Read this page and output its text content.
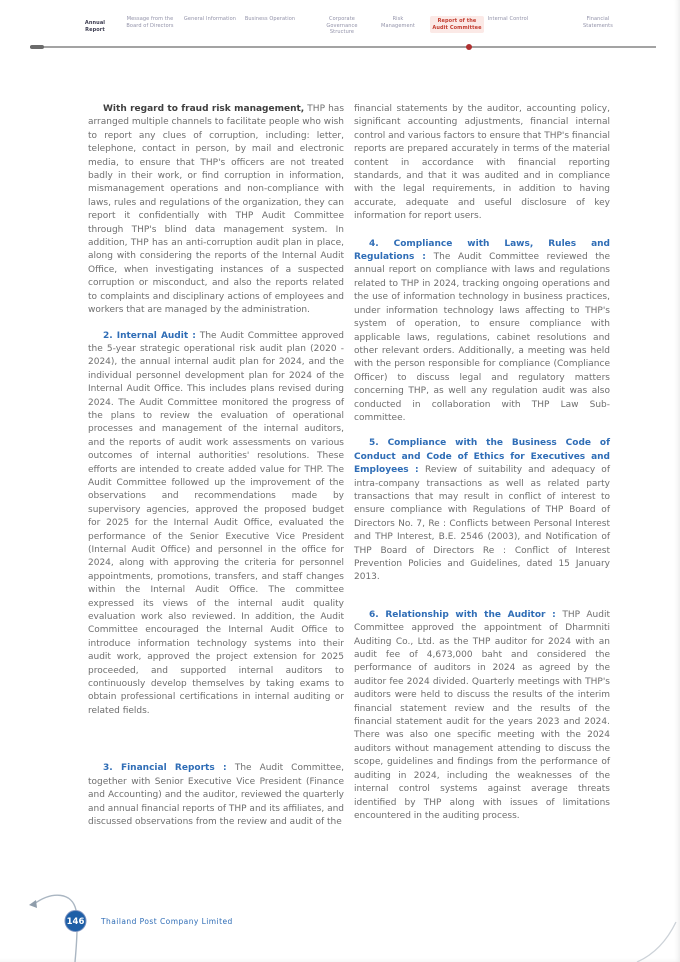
Annual Report
Message from the Board of Directors
General Information	Business Operation	Corporate Governance Structure
Risk Management
Report of the Audit Committee
Internal Control	Financial Statements

With regard to fraud risk management, THP has arranged multiple channels to facilitate people who wish to report any clues of corruption, including: letter, telephone, contact in person, by mail and electronic media, to ensure that THP's officers are not treated badly in their work, or find corruption in information, mismanagement operations and non-compliance with laws, rules and regulations of the organization, they can report it confidentially with THP Audit Committee through THP's blind data management system. In addition, THP has an anti-corruption audit plan in place, along with considering the reports of the Internal Audit Office, when investigating instances of a suspected corruption or misconduct, and also the reports related to complaints and disciplinary actions of employees and workers that are managed by the administration.

2. Internal Audit : The Audit Committee approved the 5-year strategic operational risk audit plan (2020 - 2024), the annual internal audit plan for 2024, and the individual personnel development plan for 2024 of the Internal Audit Office. This includes plans revised during 2024. The Audit Committee monitored the progress of the plans to review the evaluation of operational processes and management of the internal auditors, and the reports of audit work assessments on various outcomes of internal authorities' resolutions. These efforts are intended to create added value for THP. The Audit Committee followed up the improvement of the observations and recommendations made by supervisory agencies, approved the proposed budget for 2025 for the Internal Audit Office, evaluated the performance of the Senior Executive Vice President (Internal Audit Office) and personnel in the office for 2024, along with approving the criteria for personnel appointments, promotions, transfers, and staff changes within the Internal Audit Office. The committee expressed its views of the internal audit quality evaluation work also reviewed. In addition, the Audit Committee encouraged the Internal Audit Office to introduce information technology systems into their audit work, approved the project extension for 2025 proceeded, and supported internal auditors to continuously develop themselves by taking exams to obtain professional certifications in internal auditing or related fields.

3. Financial Reports : The Audit Committee, together with Senior Executive Vice President (Finance and Accounting) and the auditor, reviewed the quarterly and annual financial reports of THP and its affiliates, and discussed observations from the review and audit of the

financial statements by the auditor, accounting policy, significant accounting adjustments, financial internal control and various factors to ensure that THP's financial reports are prepared accurately in terms of the material content in accordance with financial reporting standards, and that it was audited and in compliance with the legal requirements, in addition to having accurate, adequate and useful disclosure of key information for report users.

4. Compliance with Laws, Rules and Regulations : The Audit Committee reviewed the annual report on compliance with laws and regulations related to THP in 2024, tracking ongoing operations and the use of information technology in business practices, under information technology laws affecting to THP's system of operation, to ensure compliance with applicable laws, regulations, cabinet resolutions and other relevant orders. Additionally, a meeting was held with the person responsible for compliance (Compliance Officer) to discuss legal and regulatory matters concerning THP, as well any regulation audit was also conducted in collaboration with THP Law Sub-committee.

5. Compliance with the Business Code of Conduct and Code of Ethics for Executives and Employees : Review of suitability and adequacy of intra-company transactions as well as related party transactions that may result in conflict of interest to ensure compliance with Regulations of THP Board of Directors No. 7, Re : Conflicts between Personal Interest and THP Interest, B.E. 2546 (2003), and Notification of THP Board of Directors Re : Conflict of Interest Prevention Policies and Guidelines, dated 15 January 2013.

6. Relationship with the Auditor : THP Audit Committee approved the appointment of Dharmniti Auditing Co., Ltd. as the THP auditor for 2024 with an audit fee of 4,673,000 baht and considered the performance of auditors in 2024 as agreed by the auditor fee 2024 divided. Quarterly meetings with THP's auditors were held to discuss the results of the interim financial statement review and the results of the financial statement audit for the years 2023 and 2024. There was also one specific meeting with the 2024 auditors without management attending to discuss the scope, guidelines and findings from the performance of auditing in 2024, including the weaknesses of the internal control systems against average threats identified by THP along with issues of limitations encountered in the auditing process.

146 Thailand Post Company Limited
